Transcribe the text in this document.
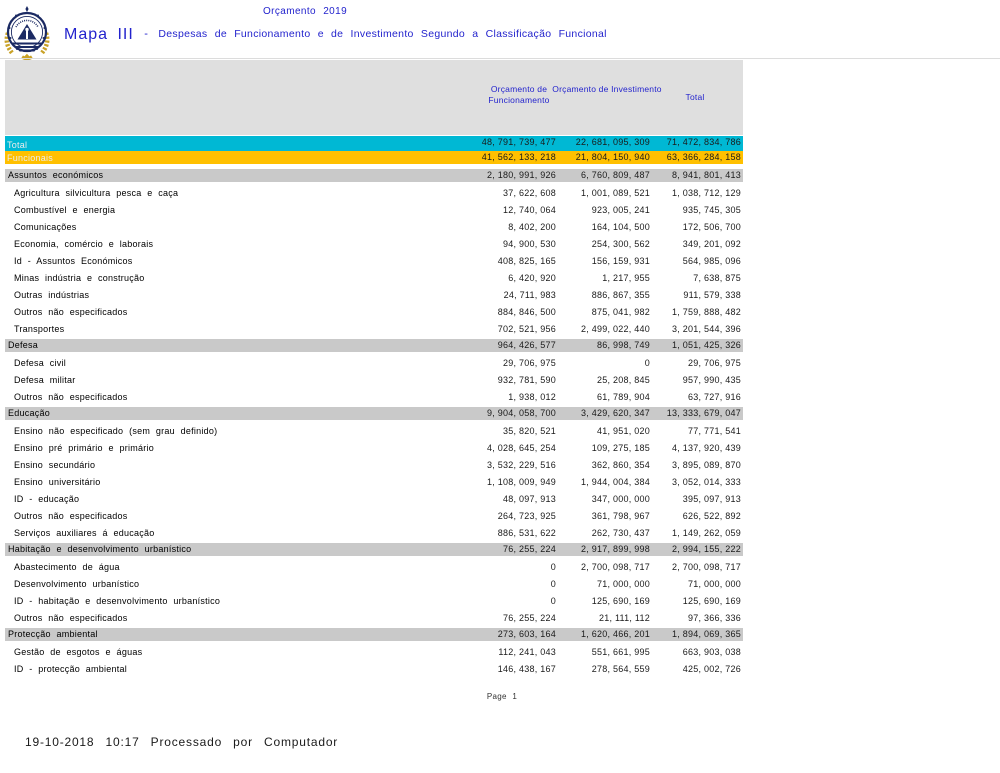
Orçamento 2019
Mapa III - Despesas de Funcionamento e de Investimento Segundo a Classificação Funcional
Orçamento de Funcionamento
Orçamento de Investimento
Total
Total	48, 791, 739, 477	22, 681, 095, 309	71, 472, 834, 786
Funcionais	41, 562, 133, 218	21, 804, 150, 940	63, 366, 284, 158
Assuntos económicos	2, 180, 991, 926	6, 760, 809, 487	8, 941, 801, 413
Agricultura silvicultura pesca e caça	37, 622, 608	1, 001, 089, 521	1, 038, 712, 129
Combustível e energia	12, 740, 064	923, 005, 241	935, 745, 305
Comunicações	8, 402, 200	164, 104, 500	172, 506, 700
Economia, comércio e laborais	94, 900, 530	254, 300, 562	349, 201, 092
Id - Assuntos Económicos	408, 825, 165	156, 159, 931	564, 985, 096
Minas indústria e construção	6, 420, 920	1, 217, 955	7, 638, 875
Outras indústrias	24, 711, 983	886, 867, 355	911, 579, 338
Outros não especificados	884, 846, 500	875, 041, 982	1, 759, 888, 482
Transportes	702, 521, 956	2, 499, 022, 440	3, 201, 544, 396
Defesa	964, 426, 577	86, 998, 749	1, 051, 425, 326
Defesa civil	29, 706, 975	0	29, 706, 975
Defesa militar	932, 781, 590	25, 208, 845	957, 990, 435
Outros não especificados	1, 938, 012	61, 789, 904	63, 727, 916
Educação	9, 904, 058, 700	3, 429, 620, 347	13, 333, 679, 047
Ensino não especificado (sem grau definido)	35, 820, 521	41, 951, 020	77, 771, 541
Ensino pré primário e primário	4, 028, 645, 254	109, 275, 185	4, 137, 920, 439
Ensino secundário	3, 532, 229, 516	362, 860, 354	3, 895, 089, 870
Ensino universitário	1, 108, 009, 949	1, 944, 004, 384	3, 052, 014, 333
ID - educação	48, 097, 913	347, 000, 000	395, 097, 913
Outros não especificados	264, 723, 925	361, 798, 967	626, 522, 892
Serviços auxiliares á educação	886, 531, 622	262, 730, 437	1, 149, 262, 059
Habitação e desenvolvimento urbanístico	76, 255, 224	2, 917, 899, 998	2, 994, 155, 222
Abastecimento de água	0	2, 700, 098, 717	2, 700, 098, 717
Desenvolvimento urbanístico	0	71, 000, 000	71, 000, 000
ID - habitação e desenvolvimento urbanístico	0	125, 690, 169	125, 690, 169
Outros não especificados	76, 255, 224	21, 111, 112	97, 366, 336
Protecção ambiental	273, 603, 164	1, 620, 466, 201	1, 894, 069, 365
Gestão de esgotos e águas	112, 241, 043	551, 661, 995	663, 903, 038
ID - protecção ambiental	146, 438, 167	278, 564, 559	425, 002, 726
Page 1
19-10-2018 10:17 Processado por Computador
